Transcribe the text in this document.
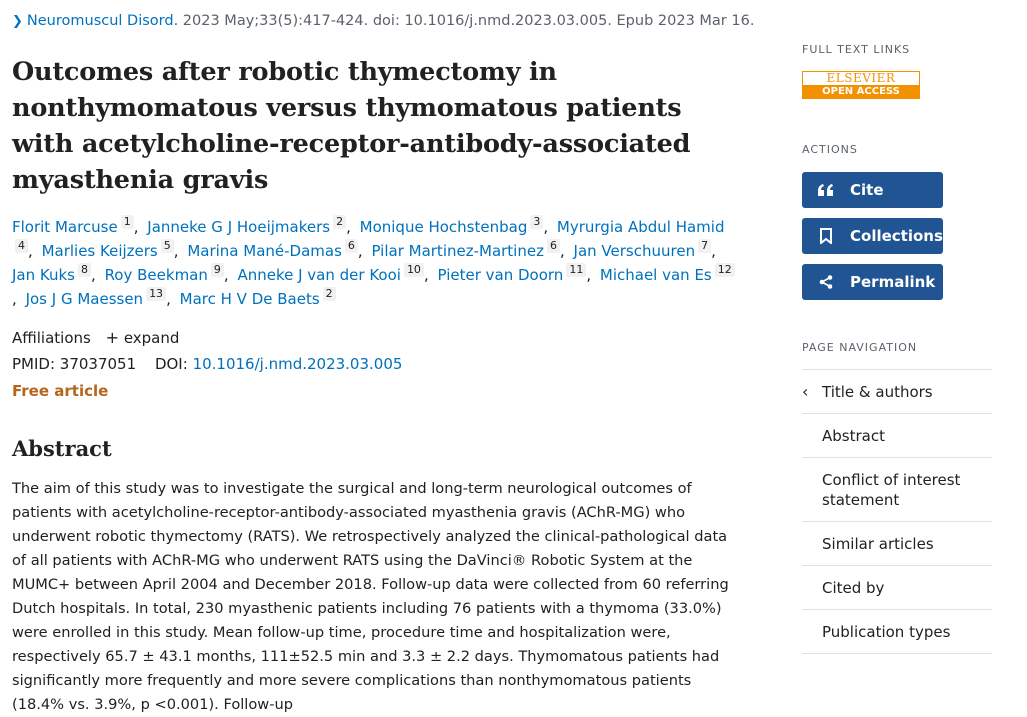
❯ Neuromuscul Disord. 2023 May;33(5):417-424. doi: 10.1016/j.nmd.2023.03.005. Epub 2023 Mar 16.
Outcomes after robotic thymectomy in nonthymomatous versus thymomatous patients with acetylcholine-receptor-antibody-associated myasthenia gravis
Florit Marcuse $^1$ , Janneke G J Hoeijmakers $^2$ , Monique Hochstenbag $^3$ , Myrurgia Abdul Hamid$^4$ , Marlies Keijzers $^5$ , Marina Mané-Damas $^6$ , Pilar Martinez-Martinez $^6$ , Jan Verschuuren $^7$ , Jan Kuks $^8$ , Roy Beekman $^9$ , Anneke J van der Kooi $^{10}$ , Pieter van Doorn $^{11}$ , Michael van Es $^{12}$, Jos J G Maessen $^{13}$ , Marc H V De Baets $^2$
Affiliations + expand
PMID: 37037051 DOI: 10.1016/j.nmd.2023.03.005
Free article
Abstract

The aim of this study was to investigate the surgical and long-term neurological outcomes of patients with acetylcholine-receptor-antibody-associated myasthenia gravis (AChR-MG) who underwent robotic thymectomy (RATS). We retrospectively analyzed the clinical-pathological data of all patients with AChR-MG who underwent RATS using the DaVinci® Robotic System at the MUMC+ between April 2004 and December 2018. Follow-up data were collected from 60 referring Dutch hospitals. In total, 230 myasthenic patients including 76 patients with a thymoma (33.0%) were enrolled in this study. Mean follow-up time, procedure time and hospitalization were, respectively 65.7 ± 43.1 months, 111±52.5 min and 3.3 ± 2.2 days. Thymomatous patients had significantly more frequently and more severe complications than nonthymomatous patients (18.4% vs. 3.9%, p <0.001). Follow-up

FULL TEXT LINKS
ELSEVIER
OPEN ACCESS
ACTIONS
Cite
Collections
Permalink
PAGE NAVIGATION
‹ Title & authors
Abstract
Conflict of interest statement
Similar articles
Cited by
Publication types
